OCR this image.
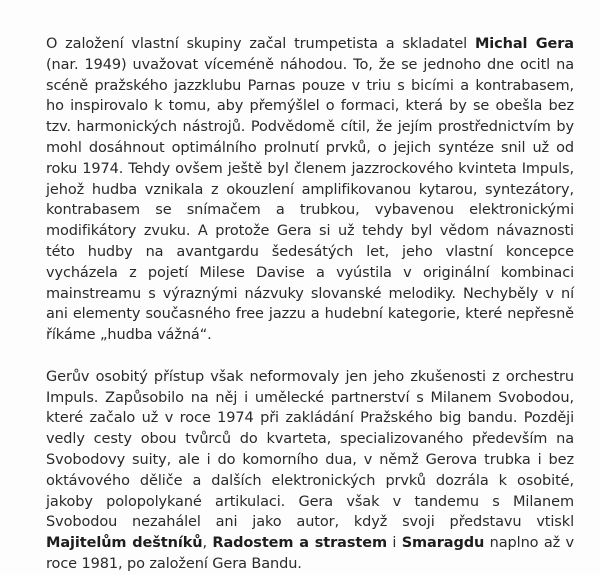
O založení vlastní skupiny začal trumpetista a skladatel Michal Gera (nar. 1949) uvažovat víceméně náhodou. To, že se jednoho dne ocitl na scéně pražského jazzklubu Parnas pouze v triu s bicími a kontrabasem, ho inspirovalo k tomu, aby přemýšlel o formaci, která by se obešla bez tzv. harmonických nástrojů. Podvědomě cítil, že jejím prostřednictvím by mohl dosáhnout optimálního prolnutí prvků, o jejich syntéze snil už od roku 1974. Tehdy ovšem ještě byl členem jazzrockového kvinteta Impuls, jehož hudba vznikala z okouzlení amplifikovanou kytarou, syntezátory, kontrabasem se snímačem a trubkou, vybavenou elektronickými modifikátory zvuku. A protože Gera si už tehdy byl vědom návaznosti této hudby na avantgardu šedesátých let, jeho vlastní koncepce vycházela z pojetí Milese Davise a vyústila v originální kombinaci mainstreamu s výraznými názvuky slovanské melodiky. Nechyběly v ní ani elementy současného free jazzu a hudební kategorie, které nepřesně říkáme „hudba vážná“.

Gerův osobitý přístup však neformovaly jen jeho zkušenosti z orchestru Impuls. Zapůsobilo na něj i umělecké partnerství s Milanem Svobodou, které začalo už v roce 1974 při zakládání Pražského big bandu. Později vedly cesty obou tvůrců do kvarteta, specializovaného především na Svobodovy suity, ale i do komorního dua, v němž Gerova trubka i bez oktávového děliče a dalších elektronických prvků dozrála k osobité, jakoby polopolykané artikulaci. Gera však v tandemu s Milanem Svobodou nezahálel ani jako autor, když svoji představu vtiskl Majitelům deštníků, Radostem a strastem i Smaragdu naplno až v roce 1981, po založení Gera Bandu.
